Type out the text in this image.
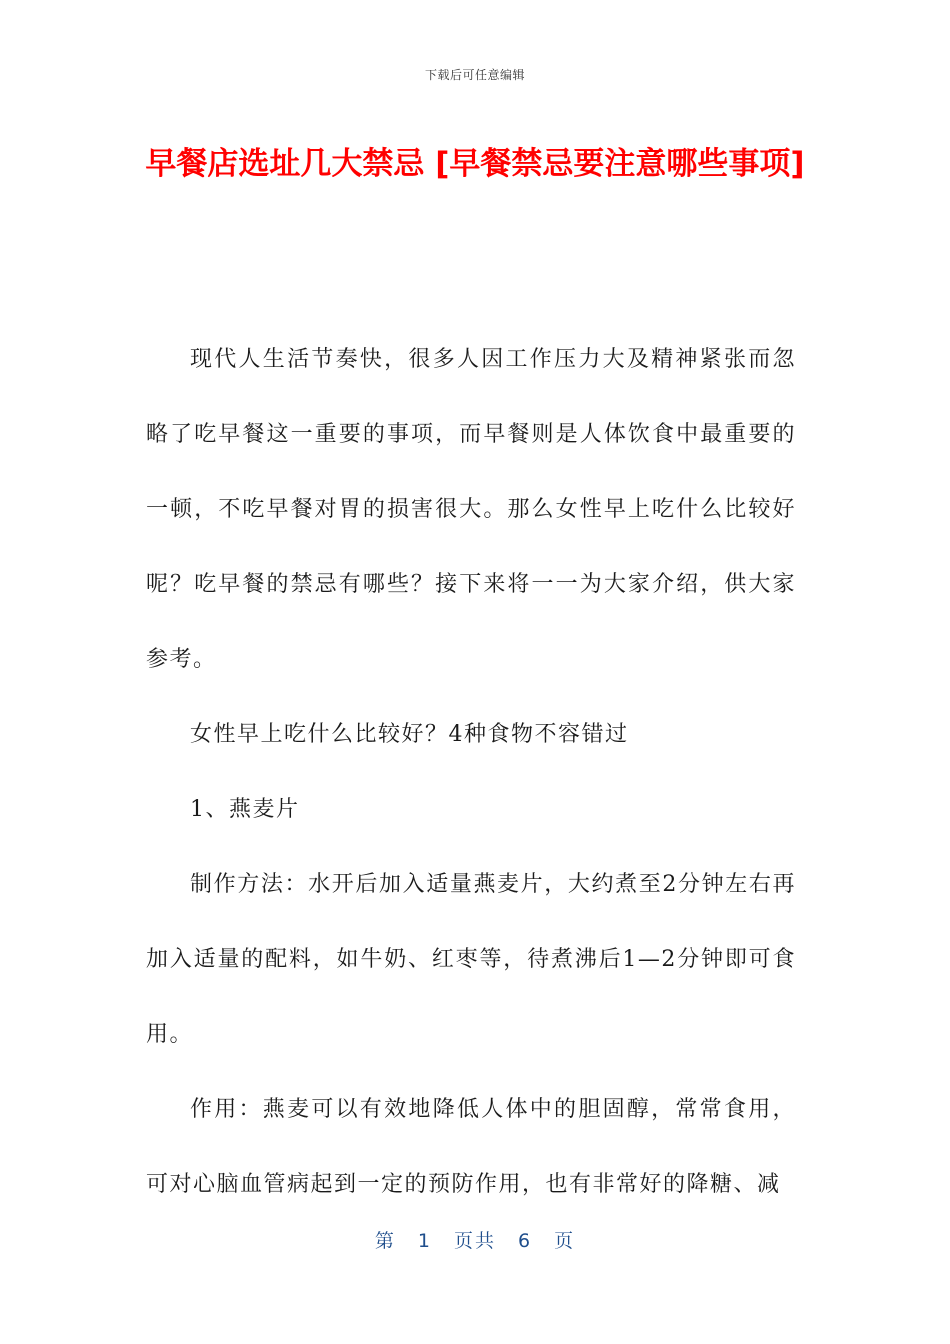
下载后可任意编辑
早餐店选址几大禁忌 [早餐禁忌要注意哪些事项]

现代人生活节奏快，很多人因工作压力大及精神紧张而忽略了吃早餐这一重要的事项，而早餐则是人体饮食中最重要的一顿，不吃早餐对胃的损害很大。那么女性早上吃什么比较好呢？吃早餐的禁忌有哪些？接下来将一一为大家介绍，供大家参考。

女性早上吃什么比较好？4种食物不容错过

1、燕麦片

制作方法：水开后加入适量燕麦片，大约煮至2分钟左右再加入适量的配料，如牛奶、红枣等，待煮沸后1—2分钟即可食用。

作用：燕麦可以有效地降低人体中的胆固醇，常常食用，可对心脑血管病起到一定的预防作用，也有非常好的降糖、减

第 1 页共 6 页
